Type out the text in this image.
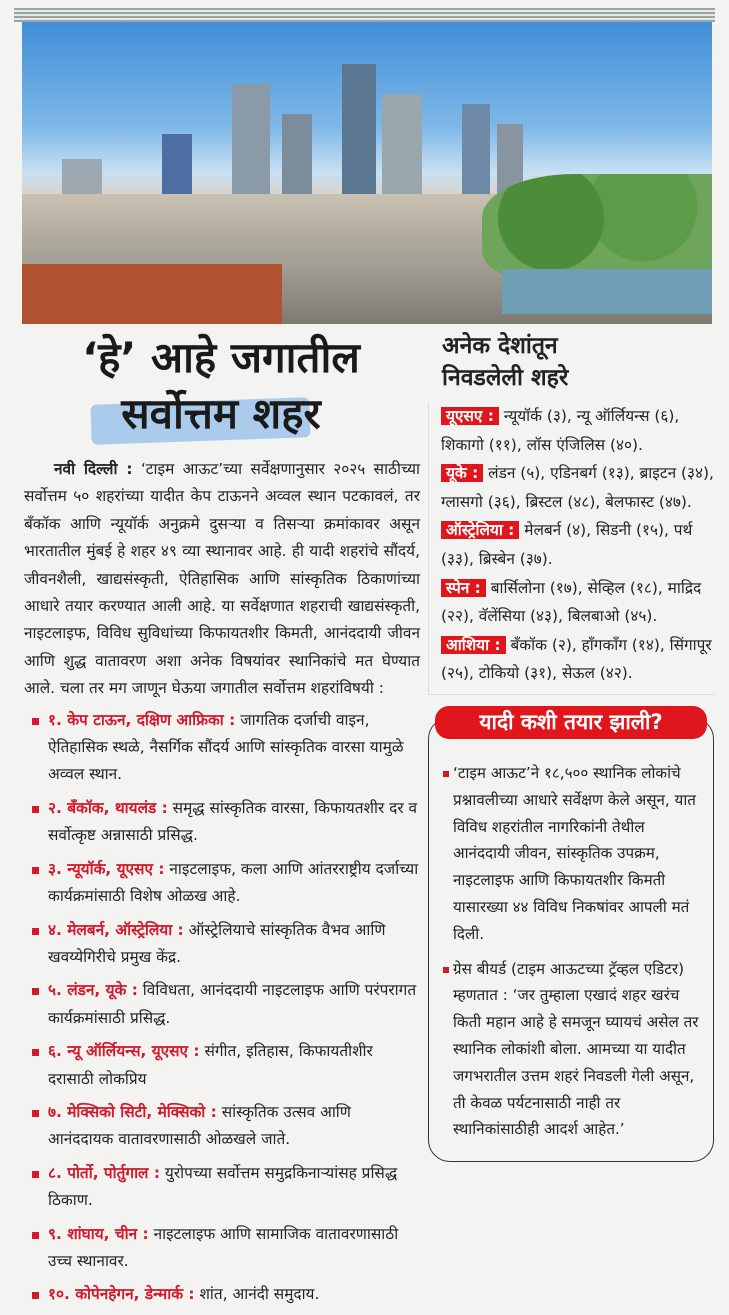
‘हे’ आहे जगातील
सर्वोत्तम शहर

नवी दिल्ली : ‘टाइम आऊट’च्या सर्वेक्षणानुसार २०२५ साठीच्या सर्वोत्तम ५० शहरांच्या यादीत केप टाऊनने अव्वल स्थान पटकावलं, तर बँकॉक आणि न्यूयॉर्क अनुक्रमे दुसऱ्या व तिसऱ्या क्रमांकावर असून भारतातील मुंबई हे शहर ४९ व्या स्थानावर आहे. ही यादी शहरांचे सौंदर्य, जीवनशैली, खाद्यसंस्कृती, ऐतिहासिक आणि सांस्कृतिक ठिकाणांच्या आधारे तयार करण्यात आली आहे. या सर्वेक्षणात शहराची खाद्यसंस्कृती, नाइटलाइफ, विविध सुविधांच्या किफायतशीर किमती, आनंददायी जीवन आणि शुद्ध वातावरण अशा अनेक विषयांवर स्थानिकांचे मत घेण्यात आले. चला तर मग जाणून घेऊया जगातील सर्वोत्तम शहरांविषयी :

१. केप टाऊन, दक्षिण आफ्रिका : जागतिक दर्जाची वाइन, ऐतिहासिक स्थळे, नैसर्गिक सौंदर्य आणि सांस्कृतिक वारसा यामुळे अव्वल स्थान.
२. बँकॉक, थायलंड : समृद्ध सांस्कृतिक वारसा, किफायतशीर दर व सर्वोत्कृष्ट अन्नासाठी प्रसिद्ध.
३. न्यूयॉर्क, यूएसए : नाइटलाइफ, कला आणि आंतरराष्ट्रीय दर्जाच्या कार्यक्रमांसाठी विशेष ओळख आहे.
४. मेलबर्न, ऑस्ट्रेलिया : ऑस्ट्रेलियाचे सांस्कृतिक वैभव आणि खवय्येगिरीचे प्रमुख केंद्र.
५. लंडन, यूके : विविधता, आनंददायी नाइटलाइफ आणि परंपरागत कार्यक्रमांसाठी प्रसिद्ध.
६. न्यू ऑर्लियन्स, यूएसए : संगीत, इतिहास, किफायतीशीर दरासाठी लोकप्रिय
७. मेक्सिको सिटी, मेक्सिको : सांस्कृतिक उत्सव आणि आनंददायक वातावरणासाठी ओळखले जाते.
८. पोर्तो, पोर्तुगाल : युरोपच्या सर्वोत्तम समुद्रकिनाऱ्यांसह प्रसिद्ध ठिकाण.
९. शांघाय, चीन : नाइटलाइफ आणि सामाजिक वातावरणासाठी उच्च स्थानावर.
१०. कोपेनहेगन, डेन्मार्क : शांत, आनंदी समुदाय.
अनेक देशांतून
निवडलेली शहरे
यूएसए : न्यूयॉर्क (३), न्यू ऑर्लियन्स (६), शिकागो (११), लॉस एंजिलिस (४०).
यूके : लंडन (५), एडिनबर्ग (१३), ब्राइटन (३४), ग्लासगो (३६), ब्रिस्टल (४८), बेलफास्ट (४७).
ऑस्ट्रेलिया : मेलबर्न (४), सिडनी (१५), पर्थ (३३), ब्रिस्बेन (३७).
स्पेन : बार्सिलोना (१७), सेव्हिल (१८), माद्रिद (२२), वॅलेंसिया (४३), बिलबाओ (४५).
आशिया : बँकॉक (२), हाँगकाँग (१४), सिंगापूर (२५), टोकियो (३१), सेऊल (४२).
यादी कशी तयार झाली?

‘टाइम आऊट’ने १८,५०० स्थानिक लोकांचे प्रश्नावलीच्या आधारे सर्वेक्षण केले असून, यात विविध शहरांतील नागरिकांनी तेथील आनंददायी जीवन, सांस्कृतिक उपक्रम, नाइटलाइफ आणि किफायतशीर किमती यासारख्या ४४ विविध निकषांवर आपली मतं दिली.

ग्रेस बीयर्ड (टाइम आऊटच्या ट्रॅव्हल एडिटर) म्हणतात : ‘जर तुम्हाला एखादं शहर खरंच किती महान आहे हे समजून घ्यायचं असेल तर स्थानिक लोकांशी बोला. आमच्या या यादीत जगभरातील उत्तम शहरं निवडली गेली असून, ती केवळ पर्यटनासाठी नाही तर स्थानिकांसाठीही आदर्श आहेत.’
